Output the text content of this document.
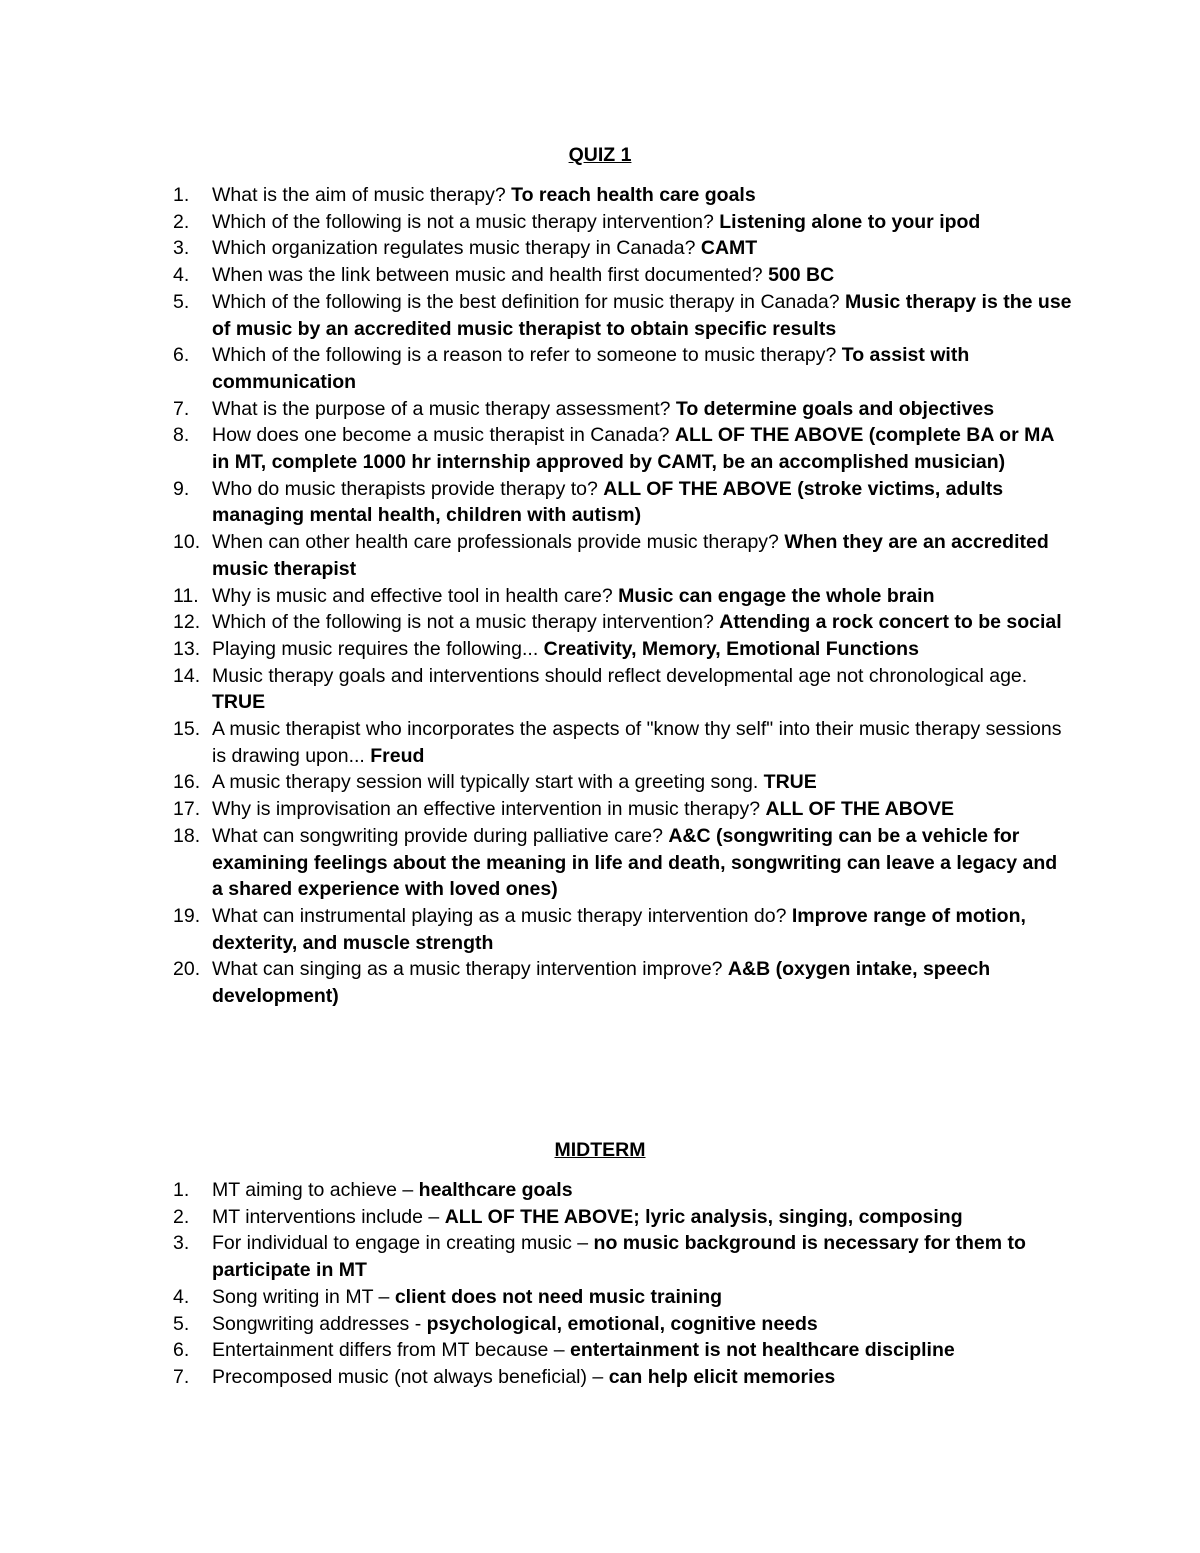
QUIZ 1
1.	What is the aim of music therapy? To reach health care goals
2.	Which of the following is not a music therapy intervention? Listening alone to your ipod
3.	Which organization regulates music therapy in Canada? CAMT
4.	When was the link between music and health first documented? 500 BC
5.	Which of the following is the best definition for music therapy in Canada? Music therapy is the use of music by an accredited music therapist to obtain specific results
6.	Which of the following is a reason to refer to someone to music therapy? To assist with communication
7.	What is the purpose of a music therapy assessment? To determine goals and objectives
8.	How does one become a music therapist in Canada? ALL OF THE ABOVE (complete BA or MA in MT, complete 1000 hr internship approved by CAMT, be an accomplished musician)
9.	Who do music therapists provide therapy to? ALL OF THE ABOVE (stroke victims, adults managing mental health, children with autism)
10. When can other health care professionals provide music therapy? When they are an accredited music therapist
11. Why is music and effective tool in health care? Music can engage the whole brain
12. Which of the following is not a music therapy intervention? Attending a rock concert to be social
13. Playing music requires the following... Creativity, Memory, Emotional Functions
14. Music therapy goals and interventions should reflect developmental age not chronological age. TRUE
15. A music therapist who incorporates the aspects of "know thy self" into their music therapy sessions is drawing upon... Freud
16. A music therapy session will typically start with a greeting song. TRUE
17. Why is improvisation an effective intervention in music therapy? ALL OF THE ABOVE
18. What can songwriting provide during palliative care? A&C (songwriting can be a vehicle for examining feelings about the meaning in life and death, songwriting can leave a legacy and a shared experience with loved ones)
19. What can instrumental playing as a music therapy intervention do? Improve range of motion, dexterity, and muscle strength
20. What can singing as a music therapy intervention improve? A&B (oxygen intake, speech development)
MIDTERM
1.	MT aiming to achieve – healthcare goals
2.	MT interventions include – ALL OF THE ABOVE; lyric analysis, singing, composing
3.	For individual to engage in creating music – no music background is necessary for them to participate in MT
4.	Song writing in MT – client does not need music training
5.	Songwriting addresses - psychological, emotional, cognitive needs
6.	Entertainment differs from MT because – entertainment is not healthcare discipline
7.	Precomposed music (not always beneficial) – can help elicit memories
